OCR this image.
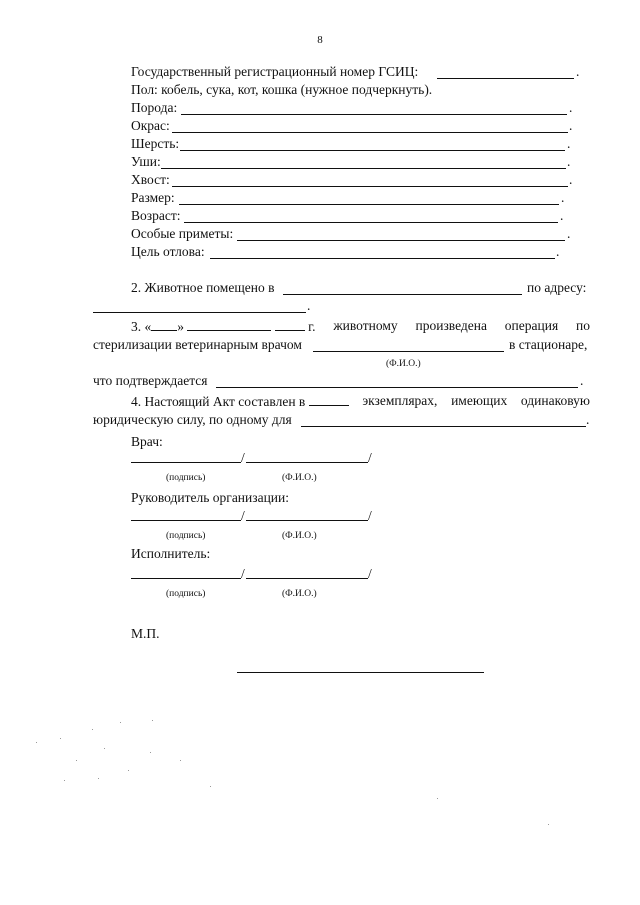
8
Государственный регистрационный номер ГСИЦ:	.
Пол: кобель, сука, кот, кошка (нужное подчеркнуть).
Порода:	.
Окрас:	.
Шерсть:	.
Уши:	.
Хвост:	.
Размер:	.
Возраст:	.
Особые приметы:	.
Цель отлова:	.
2. Животное помещено в	по адресу:
.
3. « »	г. животному произведена операция по
стерилизации ветеринарным врачом	в стационаре,
(Ф.И.О.)
что подтверждается	.
4. Настоящий Акт составлен в	экземплярах, имеющих одинаковую
юридическую силу, по одному для	.
Врач:
/	/
(подпись)	(Ф.И.О.)
Руководитель организации:
/	/
(подпись)	(Ф.И.О.)
Исполнитель:
/	/
(подпись)	(Ф.И.О.)
М.П.
